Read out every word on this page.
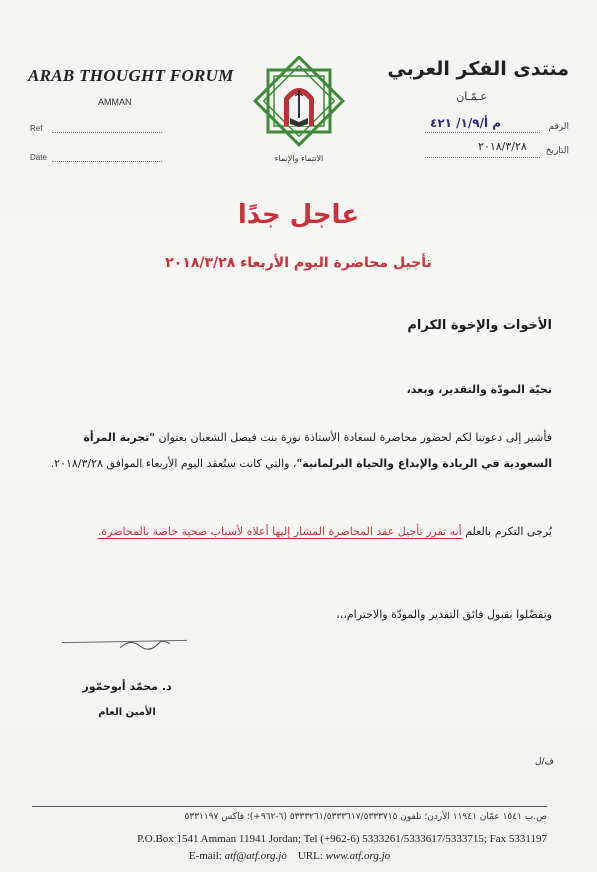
ARAB THOUGHT FORUM
AMMAN
Ref
Date	الانتماء والإنماء
منتدى الفكر العربي
عـمّـان
الرقم
م أ/١/٩/ ٤٢١
التاريخ
٢٠١٨/٣/٢٨
عاجل جدًا
تأجيل محاضرة اليوم الأربعاء ٢٠١٨/٣/٢٨
الأخوات والإخوة الكرام
تحيّة المودّة والتقدير، وبعد،
فأشير إلى دعوتنا لكم لحضور محاضرة لسعادة الأستاذة نورة بنت فيصل الشعبان بعنوان "تجربة المرأة السعودية في الريادة والإبداع والحياة البرلمانية"، والتي كانت ستُعقد اليوم الأربعاء الموافق ٢٠١٨/٣/٢٨.
يُرجى التكرم بالعلم أنه تقرر تأجيل عقد المحاضرة المشار إليها أعلاه لأسباب صحية خاصة بالمحاضرة.
وتفضّلوا بقبول فائق التقدير والمودّة والاحترام،،،
د. محمّد أبوحمّور
الأمين العام
ف/ل
ص.ب ١٥٤١ عمّان ١١٩٤١ الأردن؛ تلفون ٥٣٣٣٢٦١/٥٣٣٣٦١٧/٥٣٣٣٧١٥ (٦-٩٦٢+)؛ فاكس ٥٣٣١١٩٧
P.O.Box 1541 Amman 11941 Jordan; Tel (+962-6) 5333261/5333617/5333715; Fax 5331197
E-mail: atf@atf.org.jo URL: www.atf.org.jo
